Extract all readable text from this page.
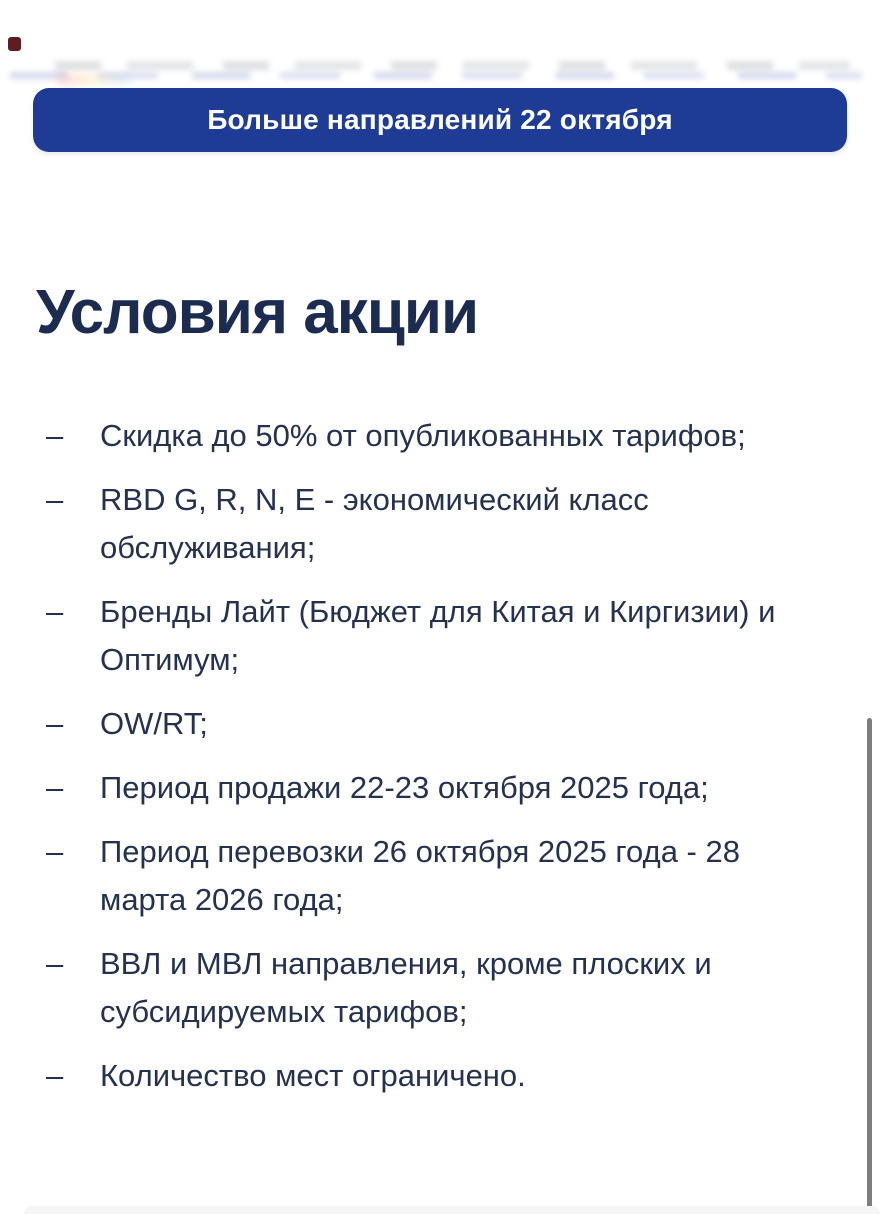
Больше направлений 22 октября
Условия акции
–	Скидка до 50% от опубликованных тарифов;
–	RBD G, R, N, E - экономический класс обслуживания;
–	Бренды Лайт (Бюджет для Китая и Киргизии) и Оптимум;
–	OW/RT;
–	Период продажи 22-23 октября 2025 года;
–	Период перевозки 26 октября 2025 года - 28 марта 2026 года;
–	ВВЛ и МВЛ направления, кроме плоских и субсидируемых тарифов;
–	Количество мест ограничено.
